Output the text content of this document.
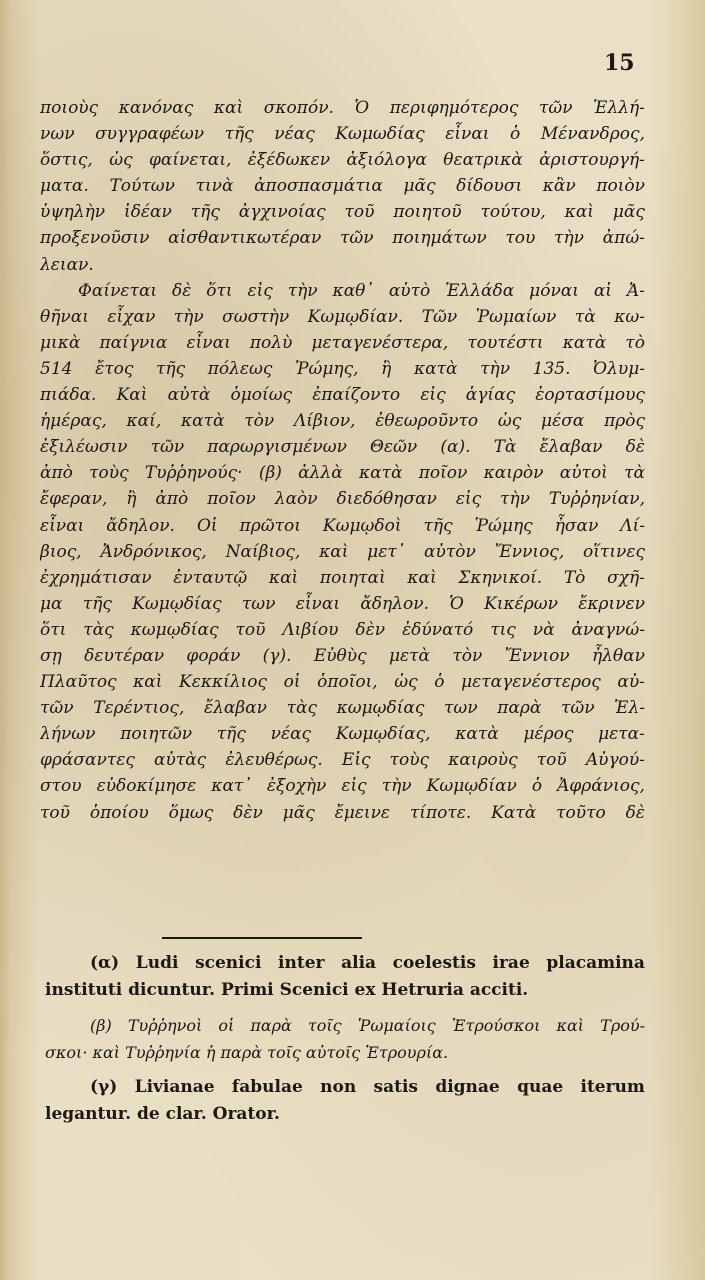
15
ποιοὺς κανόνας καὶ σκοπόν. Ὁ περιφημότερος τῶν Ἑλλή-
νων συγγραφέων τῆς νέας Κωμωδίας εἶναι ὁ Μένανδρος,
ὅστις, ὡς φαίνεται, ἐξέδωκεν ἀξιόλογα θεατρικὰ ἀριστουργή-
ματα. Τούτων τινὰ ἀποσπασμάτια μᾶς δίδουσι κἂν ποιὸν
ὑψηλὴν ἰδέαν τῆς ἀγχινοίας τοῦ ποιητοῦ τούτου, καὶ μᾶς
προξενοῦσιν αἰσθαντικωτέραν τῶν ποιημάτων του τὴν ἀπώ-
λειαν.
Φαίνεται δὲ ὅτι εἰς τὴν καθ᾿ αὑτὸ Ἑλλάδα μόναι αἱ Ἀ-
θῆναι εἶχαν τὴν σωστὴν Κωμῳδίαν. Τῶν Ῥωμαίων τὰ κω-
μικὰ παίγνια εἶναι πολὺ μεταγενέστερα, τουτέστι κατὰ τὸ
514 ἔτος τῆς πόλεως Ῥώμης, ἢ κατὰ τὴν 135. Ὀλυμ-
πιάδα. Καὶ αὐτὰ ὁμοίως ἐπαίζοντο εἰς ἁγίας ἑορτασίμους
ἡμέρας, καί, κατὰ τὸν Λίβιον, ἐθεωροῦντο ὡς μέσα πρὸς
ἐξιλέωσιν τῶν παρωργισμένων Θεῶν (α). Τὰ ἔλαβαν δὲ
ἀπὸ τοὺς Τυῤῥηνούς· (β) ἀλλὰ κατὰ ποῖον καιρὸν αὐτοὶ τὰ
ἔφεραν, ἢ ἀπὸ ποῖον λαὸν διεδόθησαν εἰς τὴν Τυῤῥηνίαν,
εἶναι ἄδηλον. Οἱ πρῶτοι Κωμῳδοὶ τῆς Ῥώμης ἦσαν Λί-
βιος, Ἀνδρόνικος, Ναίβιος, καὶ μετ᾿ αὐτὸν Ἔννιος, οἵτινες
ἐχρημάτισαν ἐνταυτῷ καὶ ποιηταὶ καὶ Σκηνικοί. Τὸ σχῆ-
μα τῆς Κωμῳδίας των εἶναι ἄδηλον. Ὁ Κικέρων ἔκρινεν
ὅτι τὰς κωμῳδίας τοῦ Λιβίου δὲν ἐδύνατό τις νὰ ἀναγνώ-
σῃ δευτέραν φοράν (γ). Εὐθὺς μετὰ τὸν Ἔννιον ἦλθαν
Πλαῦτος καὶ Κεκκίλιος οἱ ὁποῖοι, ὡς ὁ μεταγενέστερος αὐ-
τῶν Τερέντιος, ἔλαβαν τὰς κωμῳδίας των παρὰ τῶν Ἑλ-
λήνων ποιητῶν τῆς νέας Κωμῳδίας, κατὰ μέρος μετα-
φράσαντες αὐτὰς ἐλευθέρως. Εἰς τοὺς καιροὺς τοῦ Αὐγού-
στου εὐδοκίμησε κατ᾿ ἐξοχὴν εἰς τὴν Κωμῳδίαν ὁ Ἀφράνιος,
τοῦ ὁποίου ὅμως δὲν μᾶς ἔμεινε τίποτε. Κατὰ τοῦτο δὲ
(α) Ludi scenici inter alia coelestis irae placamina
instituti dicuntur. Primi Scenici ex Hetruria acciti.
(β) Τυῤῥηνοὶ οἱ παρὰ τοῖς Ῥωμαίοις Ἐτρούσκοι καὶ Τρού-
σκοι· καὶ Τυῤῥηνία ἡ παρὰ τοῖς αὐτοῖς Ἐτρουρία.
(γ) Livianae fabulae non satis dignae quae iterum
legantur. de clar. Orator.
